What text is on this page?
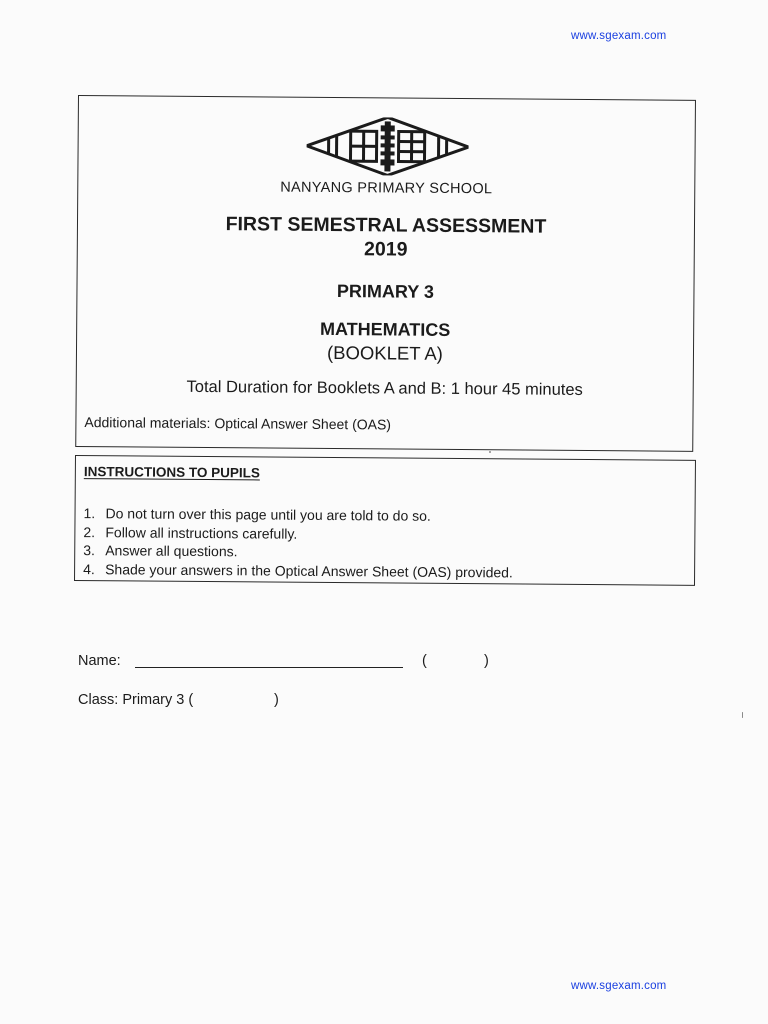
www.sgexam.com
NANYANG PRIMARY SCHOOL
FIRST SEMESTRAL ASSESSMENT
2019
PRIMARY 3
MATHEMATICS
(BOOKLET A)
Total Duration for Booklets A and B: 1 hour 45 minutes
Additional materials: Optical Answer Sheet (OAS)
INSTRUCTIONS TO PUPILS
1. Do not turn over this page until you are told to do so.
2. Follow all instructions carefully.
3. Answer all questions.
4. Shade your answers in the Optical Answer Sheet (OAS) provided.
Name:	(	)
Class: Primary 3 (	)
www.sgexam.com
